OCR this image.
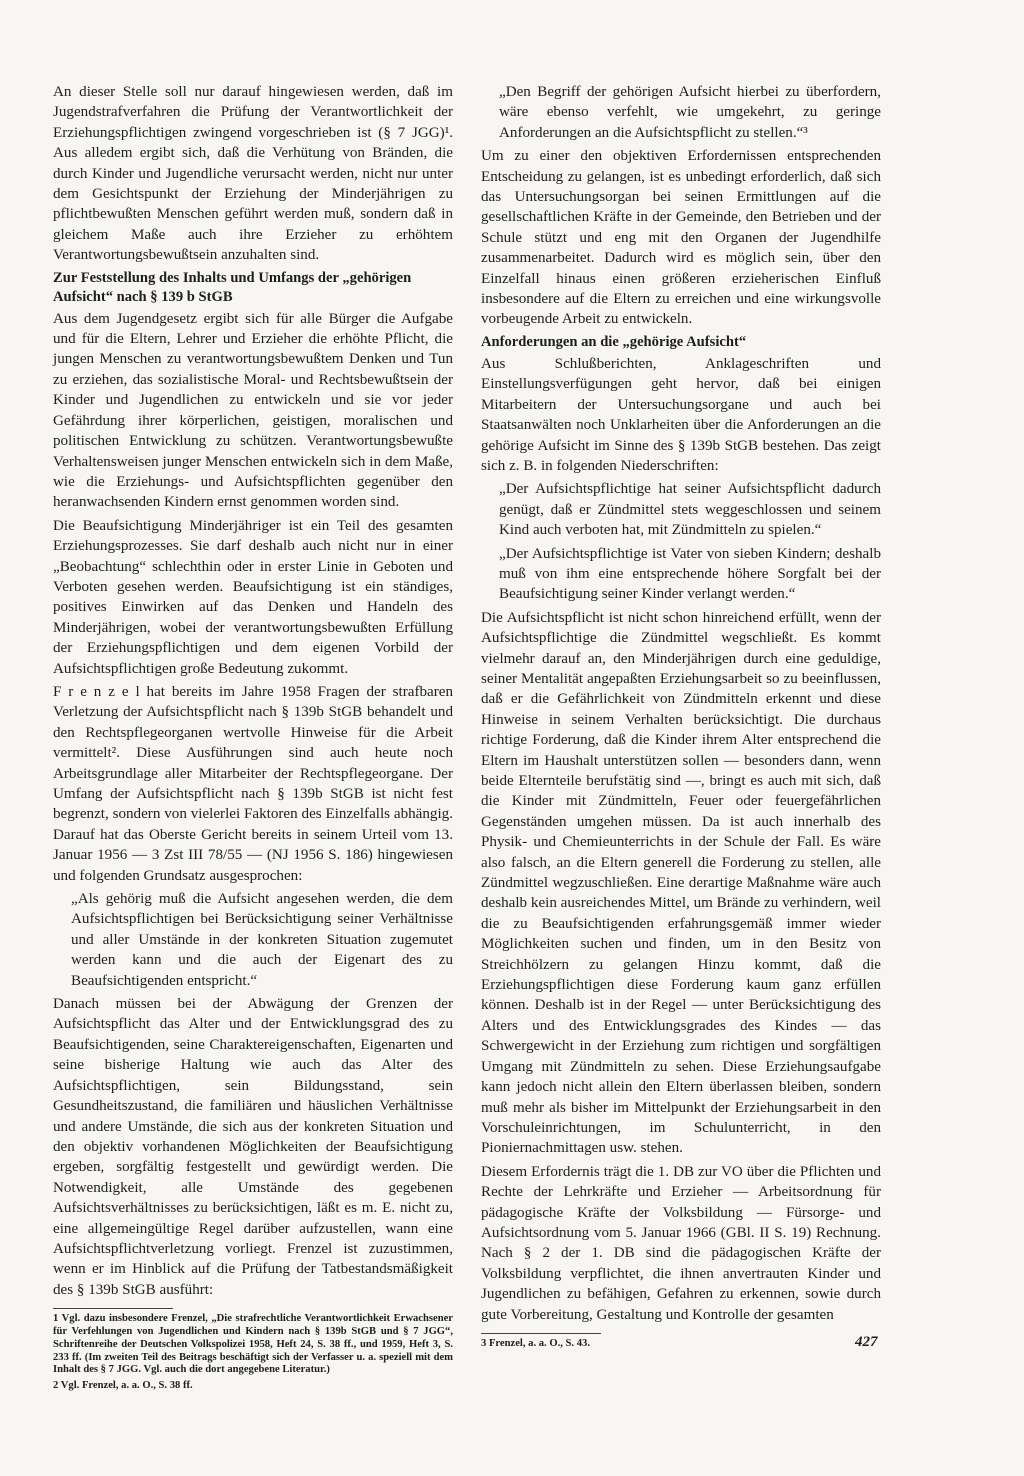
An dieser Stelle soll nur darauf hingewiesen werden, daß im Jugendstrafverfahren die Prüfung der Verantwortlichkeit der Erziehungspflichtigen zwingend vorgeschrieben ist (§ 7 JGG)¹. Aus alledem ergibt sich, daß die Verhütung von Bränden, die durch Kinder und Jugendliche verursacht werden, nicht nur unter dem Gesichtspunkt der Erziehung der Minderjährigen zu pflichtbewußten Menschen geführt werden muß, sondern daß in gleichem Maße auch ihre Erzieher zu erhöhtem Verantwortungsbewußtsein anzuhalten sind.

Zur Feststellung des Inhalts und Umfangs der „gehörigen Aufsicht“ nach § 139 b StGB

Aus dem Jugendgesetz ergibt sich für alle Bürger die Aufgabe und für die Eltern, Lehrer und Erzieher die erhöhte Pflicht, die jungen Menschen zu verantwortungsbewußtem Denken und Tun zu erziehen, das sozialistische Moral- und Rechtsbewußtsein der Kinder und Jugendlichen zu entwickeln und sie vor jeder Gefährdung ihrer körperlichen, geistigen, moralischen und politischen Entwicklung zu schützen. Verantwortungsbewußte Verhaltensweisen junger Menschen entwickeln sich in dem Maße, wie die Erziehungs- und Aufsichtspflichten gegenüber den heranwachsenden Kindern ernst genommen worden sind.

Die Beaufsichtigung Minderjähriger ist ein Teil des gesamten Erziehungsprozesses. Sie darf deshalb auch nicht nur in einer „Beobachtung“ schlechthin oder in erster Linie in Geboten und Verboten gesehen werden. Beaufsichtigung ist ein ständiges, positives Einwirken auf das Denken und Handeln des Minderjährigen, wobei der verantwortungsbewußten Erfüllung der Erziehungspflichtigen und dem eigenen Vorbild der Aufsichtspflichtigen große Bedeutung zukommt.

F r e n z e l hat bereits im Jahre 1958 Fragen der strafbaren Verletzung der Aufsichtspflicht nach § 139b StGB behandelt und den Rechtspflegeorganen wertvolle Hinweise für die Arbeit vermittelt². Diese Ausführungen sind auch heute noch Arbeitsgrundlage aller Mitarbeiter der Rechtspflegeorgane. Der Umfang der Aufsichtspflicht nach § 139b StGB ist nicht fest begrenzt, sondern von vielerlei Faktoren des Einzelfalls abhängig. Darauf hat das Oberste Gericht bereits in seinem Urteil vom 13. Januar 1956 — 3 Zst III 78/55 — (NJ 1956 S. 186) hingewiesen und folgenden Grundsatz ausgesprochen:

„Als gehörig muß die Aufsicht angesehen werden, die dem Aufsichtspflichtigen bei Berücksichtigung seiner Verhältnisse und aller Umstände in der konkreten Situation zugemutet werden kann und die auch der Eigenart des zu Beaufsichtigenden entspricht.“

Danach müssen bei der Abwägung der Grenzen der Aufsichtspflicht das Alter und der Entwicklungsgrad des zu Beaufsichtigenden, seine Charaktereigenschaften, Eigenarten und seine bisherige Haltung wie auch das Alter des Aufsichtspflichtigen, sein Bildungsstand, sein Gesundheitszustand, die familiären und häuslichen Verhältnisse und andere Umstände, die sich aus der konkreten Situation und den objektiv vorhandenen Möglichkeiten der Beaufsichtigung ergeben, sorgfältig festgestellt und gewürdigt werden. Die Notwendigkeit, alle Umstände des gegebenen Aufsichtsverhältnisses zu berücksichtigen, läßt es m. E. nicht zu, eine allgemeingültige Regel darüber aufzustellen, wann eine Aufsichtspflichtverletzung vorliegt. Frenzel ist zuzustimmen, wenn er im Hinblick auf die Prüfung der Tatbestandsmäßigkeit des § 139b StGB ausführt:

1 Vgl. dazu insbesondere Frenzel, „Die strafrechtliche Verantwortlichkeit Erwachsener für Verfehlungen von Jugendlichen und Kindern nach § 139b StGB und § 7 JGG“, Schriftenreihe der Deutschen Volkspolizei 1958, Heft 24, S. 38 ff., und 1959, Heft 3, S. 233 ff. (Im zweiten Teil des Beitrags beschäftigt sich der Verfasser u. a. speziell mit dem Inhalt des § 7 JGG. Vgl. auch die dort angegebene Literatur.)

2 Vgl. Frenzel, a. a. O., S. 38 ff.

„Den Begriff der gehörigen Aufsicht hierbei zu überfordern, wäre ebenso verfehlt, wie umgekehrt, zu geringe Anforderungen an die Aufsichtspflicht zu stellen.“³

Um zu einer den objektiven Erfordernissen entsprechenden Entscheidung zu gelangen, ist es unbedingt erforderlich, daß sich das Untersuchungsorgan bei seinen Ermittlungen auf die gesellschaftlichen Kräfte in der Gemeinde, den Betrieben und der Schule stützt und eng mit den Organen der Jugendhilfe zusammenarbeitet. Dadurch wird es möglich sein, über den Einzelfall hinaus einen größeren erzieherischen Einfluß insbesondere auf die Eltern zu erreichen und eine wirkungsvolle vorbeugende Arbeit zu entwickeln.

Anforderungen an die „gehörige Aufsicht“

Aus Schlußberichten, Anklageschriften und Einstellungsverfügungen geht hervor, daß bei einigen Mitarbeitern der Untersuchungsorgane und auch bei Staatsanwälten noch Unklarheiten über die Anforderungen an die gehörige Aufsicht im Sinne des § 139b StGB bestehen. Das zeigt sich z. B. in folgenden Niederschriften:

„Der Aufsichtspflichtige hat seiner Aufsichtspflicht dadurch genügt, daß er Zündmittel stets weggeschlossen und seinem Kind auch verboten hat, mit Zündmitteln zu spielen.“

„Der Aufsichtspflichtige ist Vater von sieben Kindern; deshalb muß von ihm eine entsprechende höhere Sorgfalt bei der Beaufsichtigung seiner Kinder verlangt werden.“

Die Aufsichtspflicht ist nicht schon hinreichend erfüllt, wenn der Aufsichtspflichtige die Zündmittel wegschließt. Es kommt vielmehr darauf an, den Minderjährigen durch eine geduldige, seiner Mentalität angepaßten Erziehungsarbeit so zu beeinflussen, daß er die Gefährlichkeit von Zündmitteln erkennt und diese Hinweise in seinem Verhalten berücksichtigt. Die durchaus richtige Forderung, daß die Kinder ihrem Alter entsprechend die Eltern im Haushalt unterstützen sollen — besonders dann, wenn beide Elternteile berufstätig sind —, bringt es auch mit sich, daß die Kinder mit Zündmitteln, Feuer oder feuergefährlichen Gegenständen umgehen müssen. Da ist auch innerhalb des Physik- und Chemieunterrichts in der Schule der Fall. Es wäre also falsch, an die Eltern generell die Forderung zu stellen, alle Zündmittel wegzuschließen. Eine derartige Maßnahme wäre auch deshalb kein ausreichendes Mittel, um Brände zu verhindern, weil die zu Beaufsichtigenden erfahrungsgemäß immer wieder Möglichkeiten suchen und finden, um in den Besitz von Streichhölzern zu gelangen Hinzu kommt, daß die Erziehungspflichtigen diese Forderung kaum ganz erfüllen können. Deshalb ist in der Regel — unter Berücksichtigung des Alters und des Entwicklungsgrades des Kindes — das Schwergewicht in der Erziehung zum richtigen und sorgfältigen Umgang mit Zündmitteln zu sehen. Diese Erziehungsaufgabe kann jedoch nicht allein den Eltern überlassen bleiben, sondern muß mehr als bisher im Mittelpunkt der Erziehungsarbeit in den Vorschuleinrichtungen, im Schulunterricht, in den Pioniernachmittagen usw. stehen.

Diesem Erfordernis trägt die 1. DB zur VO über die Pflichten und Rechte der Lehrkräfte und Erzieher — Arbeitsordnung für pädagogische Kräfte der Volksbildung — Fürsorge- und Aufsichtsordnung vom 5. Januar 1966 (GBl. II S. 19) Rechnung. Nach § 2 der 1. DB sind die pädagogischen Kräfte der Volksbildung verpflichtet, die ihnen anvertrauten Kinder und Jugendlichen zu befähigen, Gefahren zu erkennen, sowie durch gute Vorbereitung, Gestaltung und Kontrolle der gesamten

3 Frenzel, a. a. O., S. 43.	427
